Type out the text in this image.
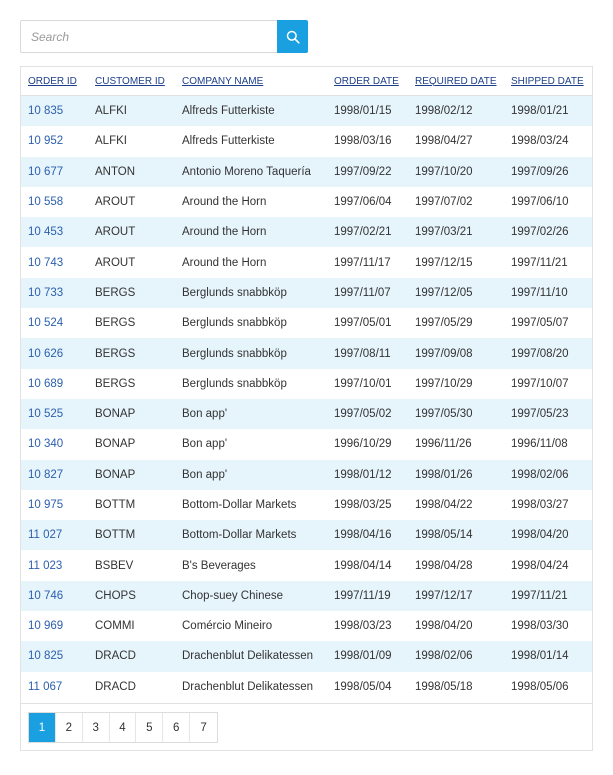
Search
ORDER ID	CUSTOMER ID	COMPANY NAME	ORDER DATE	REQUIRED DATE	SHIPPED DATE
10 835	ALFKI	Alfreds Futterkiste	1998/01/15	1998/02/12	1998/01/21
10 952	ALFKI	Alfreds Futterkiste	1998/03/16	1998/04/27	1998/03/24
10 677	ANTON	Antonio Moreno Taquería	1997/09/22	1997/10/20	1997/09/26
10 558	AROUT	Around the Horn	1997/06/04	1997/07/02	1997/06/10
10 453	AROUT	Around the Horn	1997/02/21	1997/03/21	1997/02/26
10 743	AROUT	Around the Horn	1997/11/17	1997/12/15	1997/11/21
10 733	BERGS	Berglunds snabbköp	1997/11/07	1997/12/05	1997/11/10
10 524	BERGS	Berglunds snabbköp	1997/05/01	1997/05/29	1997/05/07
10 626	BERGS	Berglunds snabbköp	1997/08/11	1997/09/08	1997/08/20
10 689	BERGS	Berglunds snabbköp	1997/10/01	1997/10/29	1997/10/07
10 525	BONAP	Bon app'	1997/05/02	1997/05/30	1997/05/23
10 340	BONAP	Bon app'	1996/10/29	1996/11/26	1996/11/08
10 827	BONAP	Bon app'	1998/01/12	1998/01/26	1998/02/06
10 975	BOTTM	Bottom-Dollar Markets	1998/03/25	1998/04/22	1998/03/27
11 027	BOTTM	Bottom-Dollar Markets	1998/04/16	1998/05/14	1998/04/20
11 023	BSBEV	B's Beverages	1998/04/14	1998/04/28	1998/04/24
10 746	CHOPS	Chop-suey Chinese	1997/11/19	1997/12/17	1997/11/21
10 969	COMMI	Comércio Mineiro	1998/03/23	1998/04/20	1998/03/30
10 825	DRACD	Drachenblut Delikatessen	1998/01/09	1998/02/06	1998/01/14
11 067	DRACD	Drachenblut Delikatessen	1998/05/04	1998/05/18	1998/05/06
1	2	3	4	5	6	7
